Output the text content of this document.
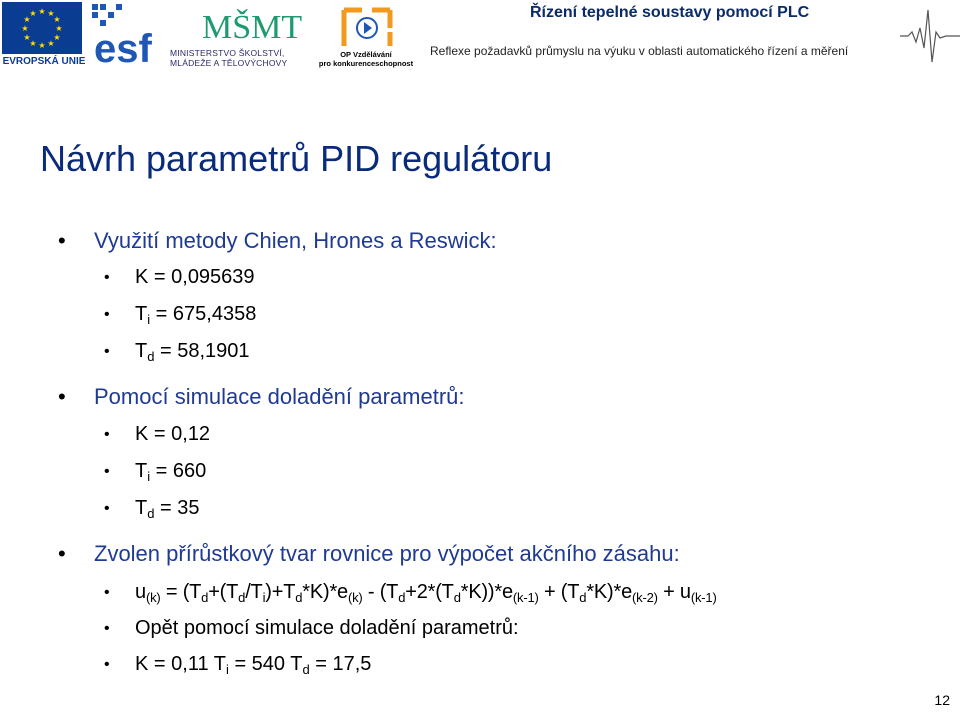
★ ★
★
★
★
★
★
★
★
★
★
★
EVROPSKÁ UNIE esf MŠMT
MINISTERSTVO ŠKOLSTVÍ,
MLÁDEŽE A TĚLOVÝCHOVY
OP Vzdělávání
pro konkurenceschopnost
Řízení tepelné soustavy pomocí PLC
Reflexe požadavků průmyslu na výuku v oblasti automatického řízení a měření
Návrh parametrů PID regulátoru
• Využití metody Chien, Hrones a Reswick:
• K = 0,095639
• $T_i = 675,4358$
• $T_d = 58,1901$
• Pomocí simulace doladění parametrů:
• K = 0,12
• $T_i = 660$
• $T_d = 35$
• Zvolen přírůstkový tvar rovnice pro výpočet akčního zásahu:
• $u_{(k)} = (T_d+(T_d/T_i)+T_d*K)*e_{(k)} - (T_d+2*(T_d*K))*e_{(k-1)} + (T_d*K)*e_{(k-2)} + u_{(k-1)}$
• Opět pomocí simulace doladění parametrů:
• K = 0,11 $T_i = 540$ $T_d = 17,5$
12
